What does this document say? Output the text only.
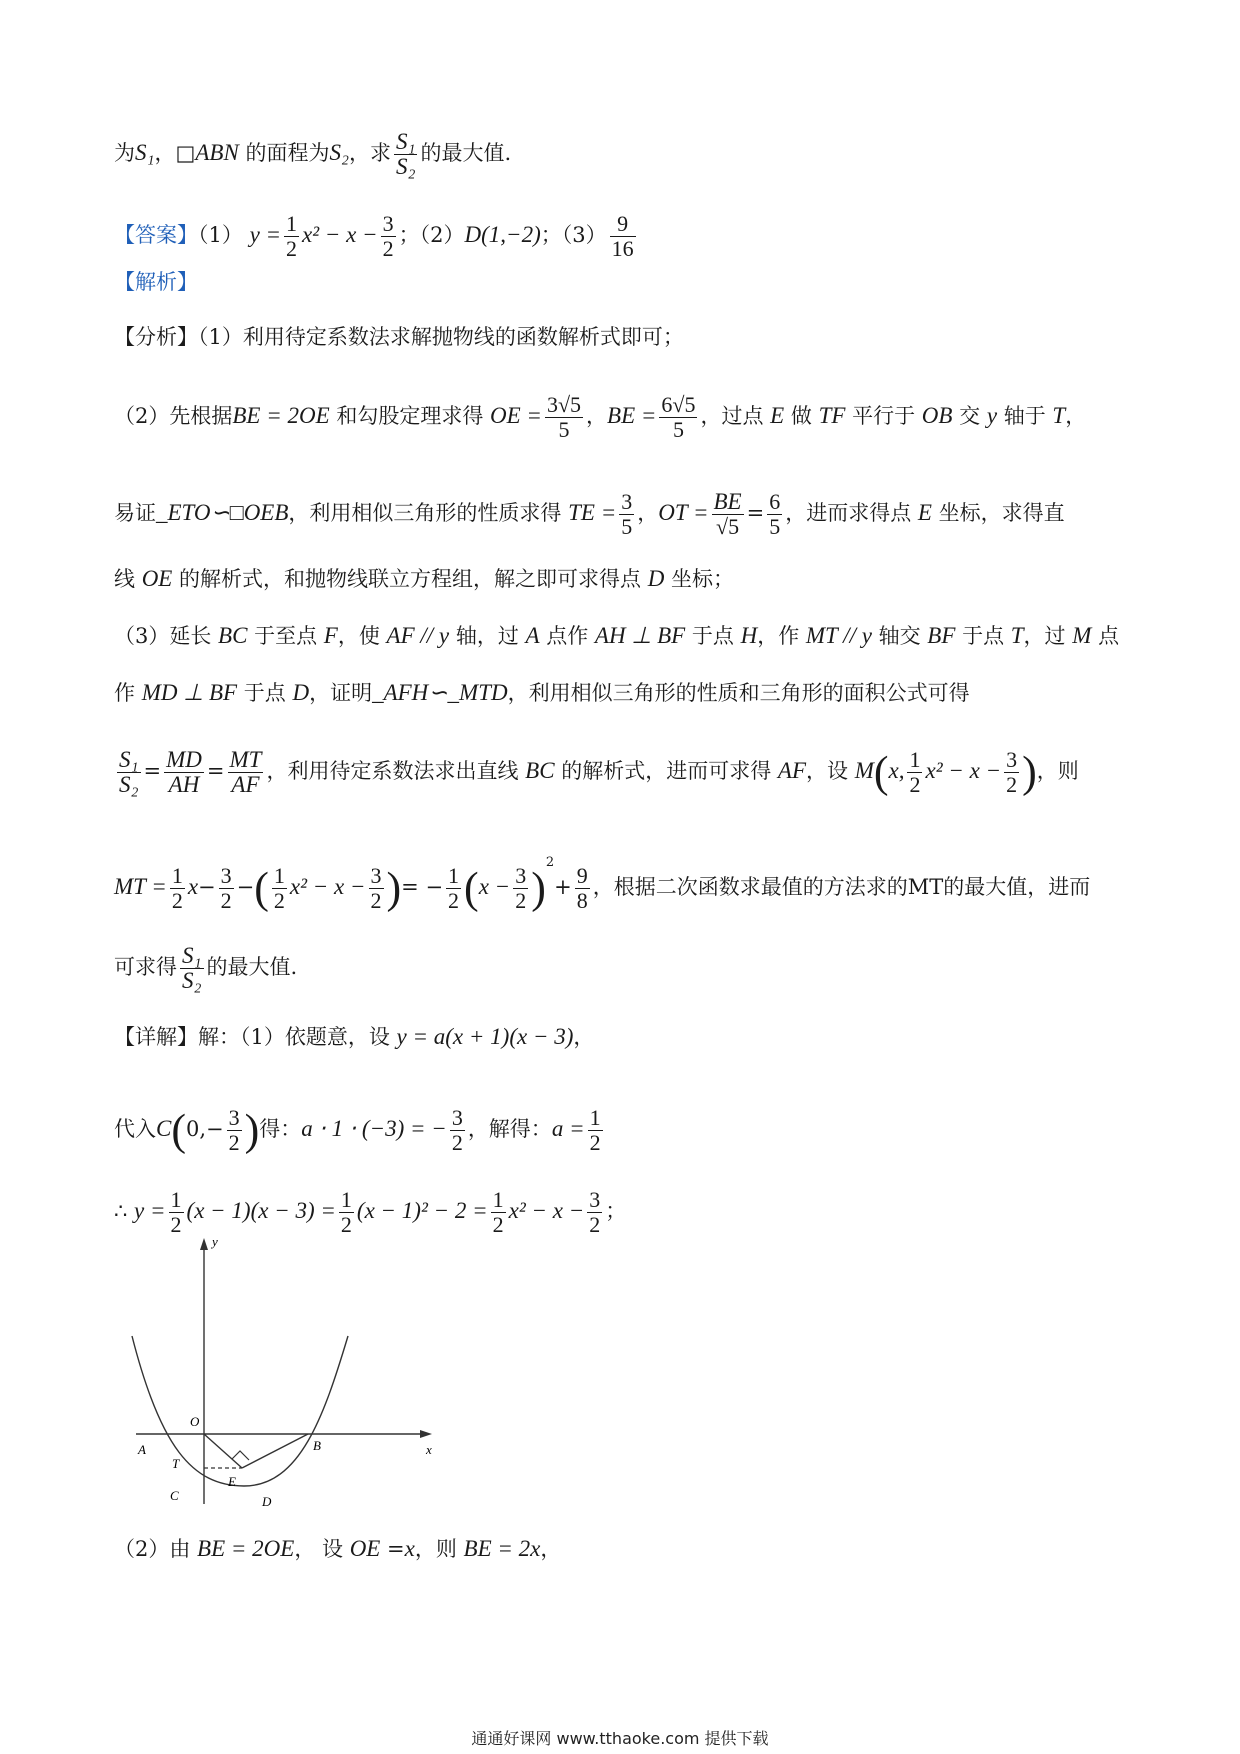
为S₁，□ABN 的面程为S₂，求 $\frac{\text{S₁}}{\text{S₂}}$ 的最大值.
【答案】（1） $y = \frac{1}{2} x^2 - x - \frac{3}{2}$ ；（2）D(1,−2)；$(3) \frac{9}{16}$
【解析】
【分析】（1）利用待定系数法求解抛物线的函数解析式即可；
（2）先根据BE = 2OE 和勾股定理求得 OE = $\frac{3√5}{5}$ ，BE = $\frac{6√5}{5}$ ，过点 E 做 TF 平行于 OB 交 y 轴于 T，
易证_ETO∽□OEB，利用相似三角形的性质求得 TE = $\frac{3}{5}$ ，OT = $\frac{BE}{√5} = \frac{6}{5}$ ，进而求得点 E 坐标，求得直
线 OE 的解析式，和抛物线联立方程组，解之即可求得点 D 坐标；
（3）延长 BC 于至点 F，使 AF // y 轴，过 A 点作 AH ⊥ BF 于点 H，作 MT // y 轴交 BF 于点 T，过 M 点
作 MD ⊥ BF 于点 D，证明_AFH∽_MTD，利用相似三角形的性质和三角形的面积公式可得
$\frac{\text{S₁}}{\text{S₂}} = \frac{MD}{AH} = \frac{MT}{AF}$ ，利用待定系数法求出直线 BC 的解析式，进而可求得 AF，设 M(x, $\frac{1}{2} x^2 - x - \frac{3}{2}$ )，则
MT = $\frac{1}{2} x- \frac{3}{2}$ −( $\frac{1}{2} x^2 - x - \frac{3}{2}$ )= − $\frac{1}{2} (x - \frac{3}{2} )^2+ \frac{9}{8}$ ，根据二次函数求最值的方法求的MT的最大值，进而
可求得 $\frac{\text{S₁}}{\text{S₂}}$ 的最大值.
【详解】解：（1）依题意，设 y = a(x + 1)(x − 3)，
代入$C(0,- \frac{3}{2}$ )得：a ⋅ 1 ⋅ (−3) = − $\frac{3}{2}$ ，解得：$a = \frac{1}{2}$
∴ $y = \frac{1}{2} (x - 1)(x - 3) = \frac{1}{2} (x - 1)^2 - 2 = \frac{1}{2} x^2 - x - \frac{3}{2}$ ；
y
x
O
A	B
T
C
E
D
（2）由 BE = 2OE， 设 OE =x，则 BE = 2x，
通通好课网 www.tthaoke.com 提供下载
